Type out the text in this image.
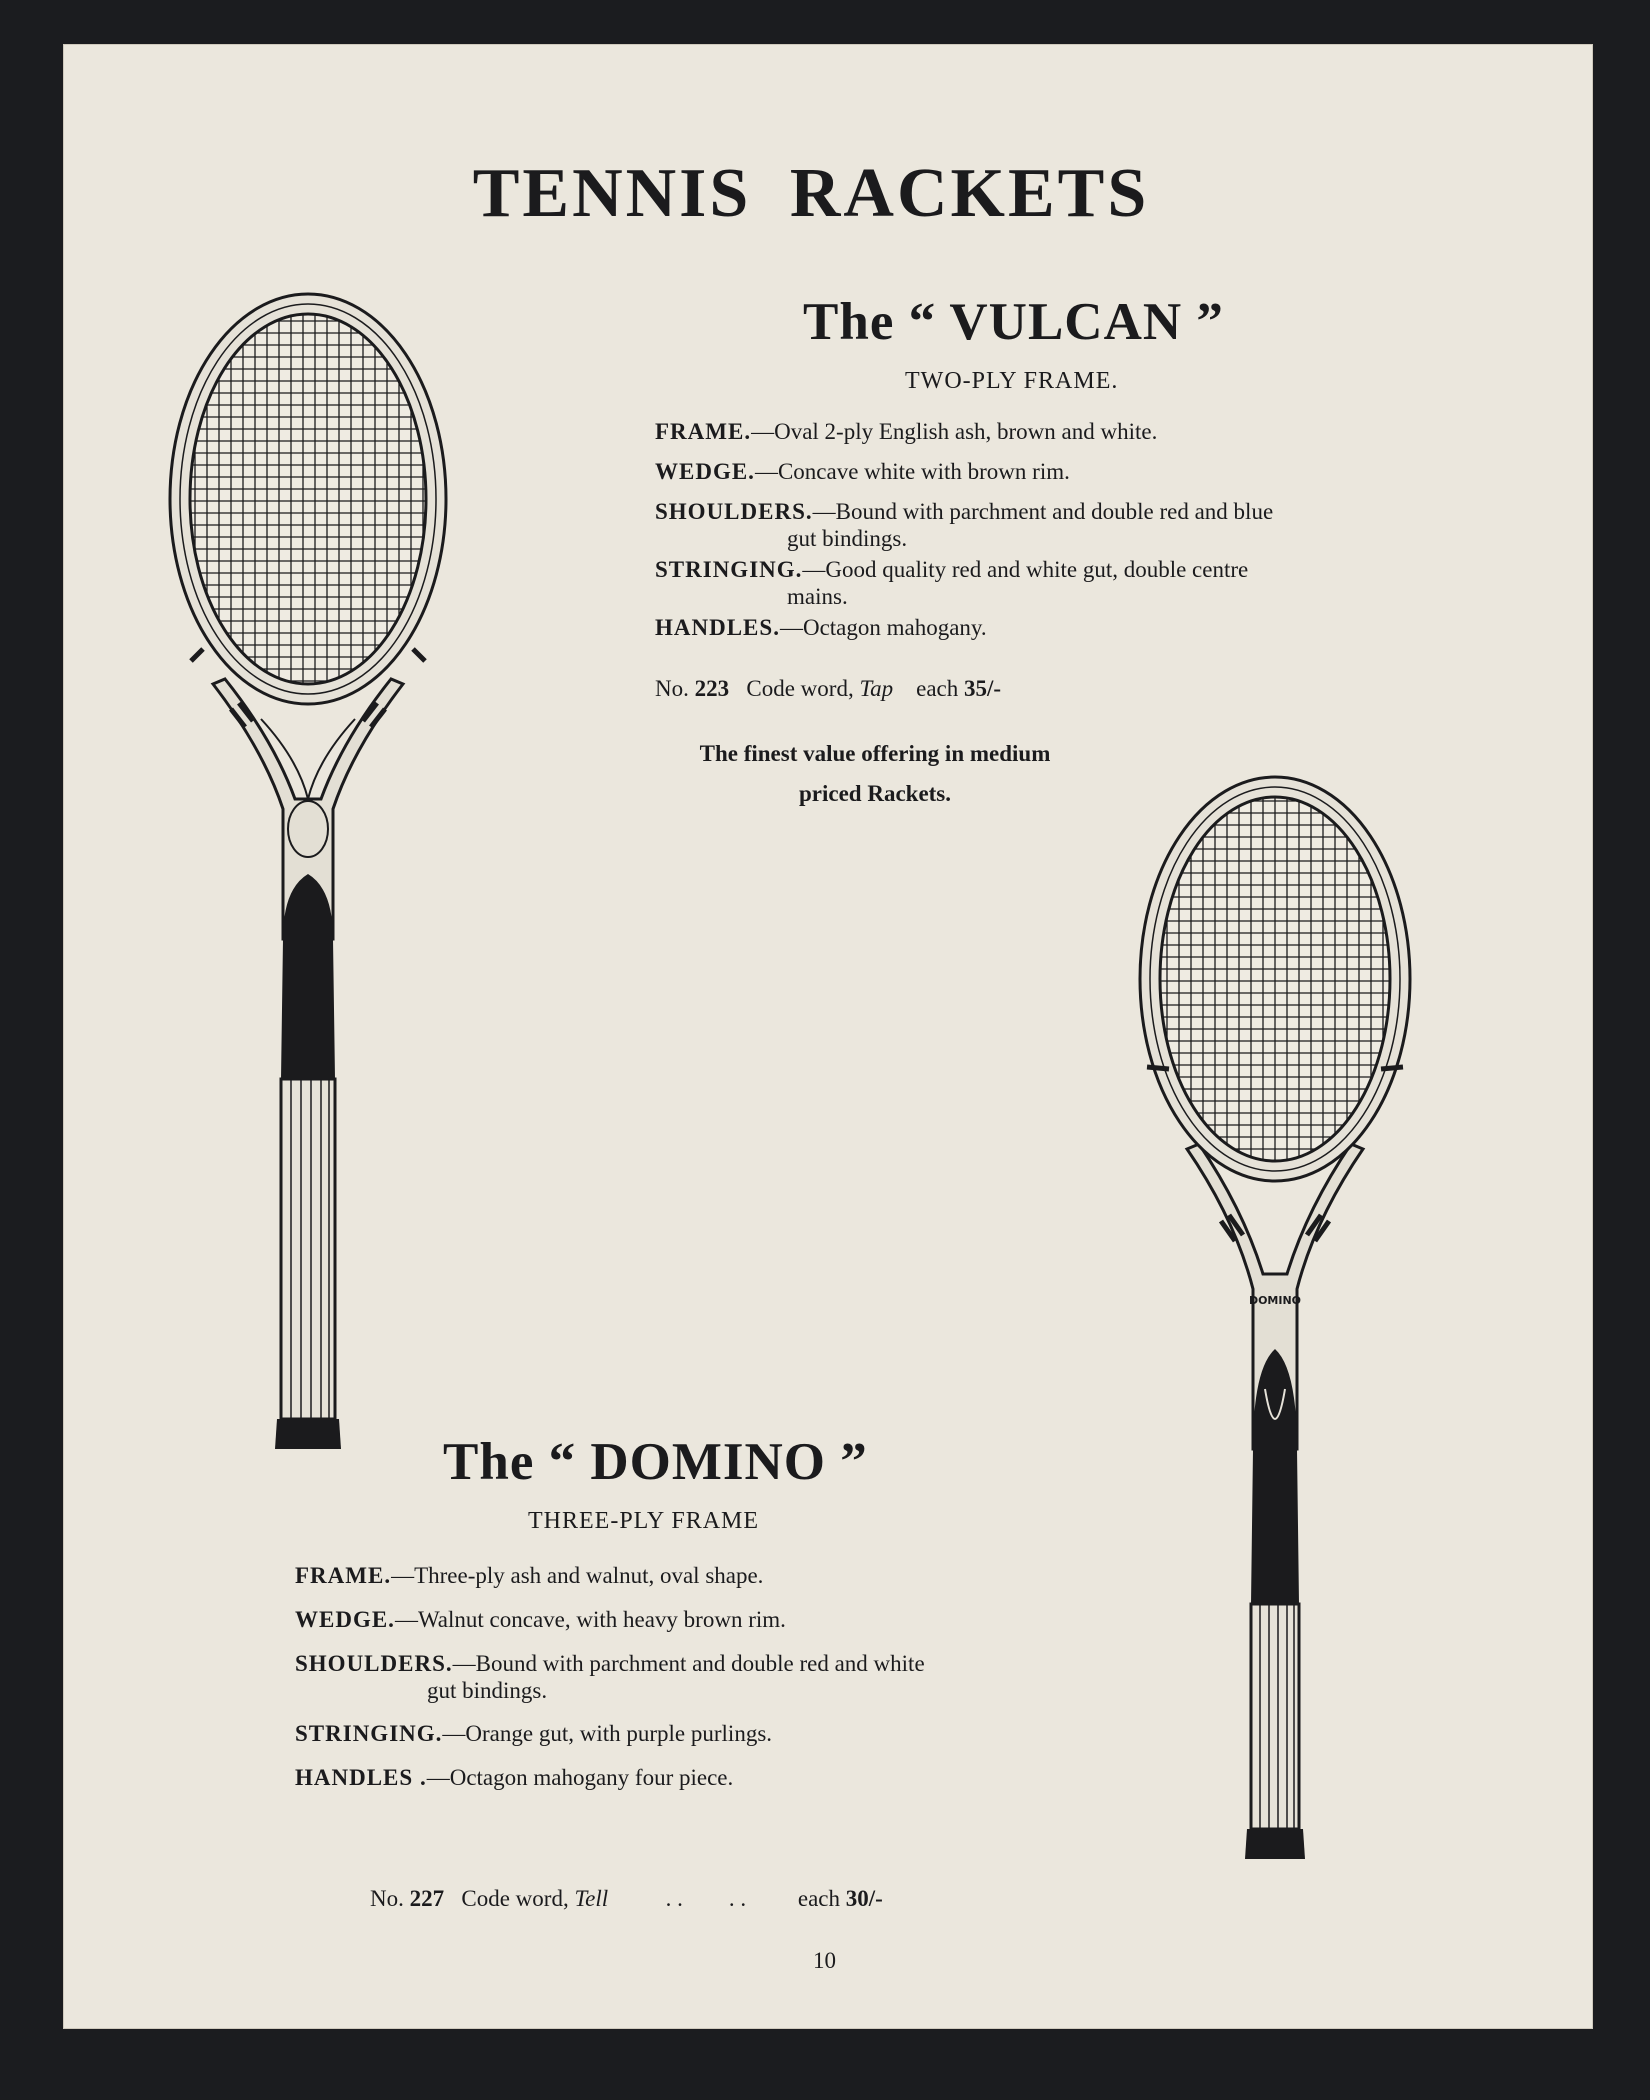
TENNIS RACKETS
The “ VULCAN ”
TWO-PLY FRAME.
FRAME.—Oval 2-ply English ash, brown and white.
WEDGE.—Concave white with brown rim.
SHOULDERS.—Bound with parchment and double red and blue
gut bindings.
STRINGING.—Good quality red and white gut, double centre
mains.
HANDLES.—Octagon mahogany.
No. 223 Code word, Tap each 35/-
The finest value offering in medium
priced Rackets.
DOMINO
The “ DOMINO ”
THREE-PLY FRAME
FRAME.—Three-ply ash and walnut, oval shape.
WEDGE.—Walnut concave, with heavy brown rim.
SHOULDERS.—Bound with parchment and double red and white
gut bindings.
STRINGING.—Orange gut, with purple purlings.
HANDLES .—Octagon mahogany four piece.

No. 227 Code word, Tell	. .        . . each 30/-

10
